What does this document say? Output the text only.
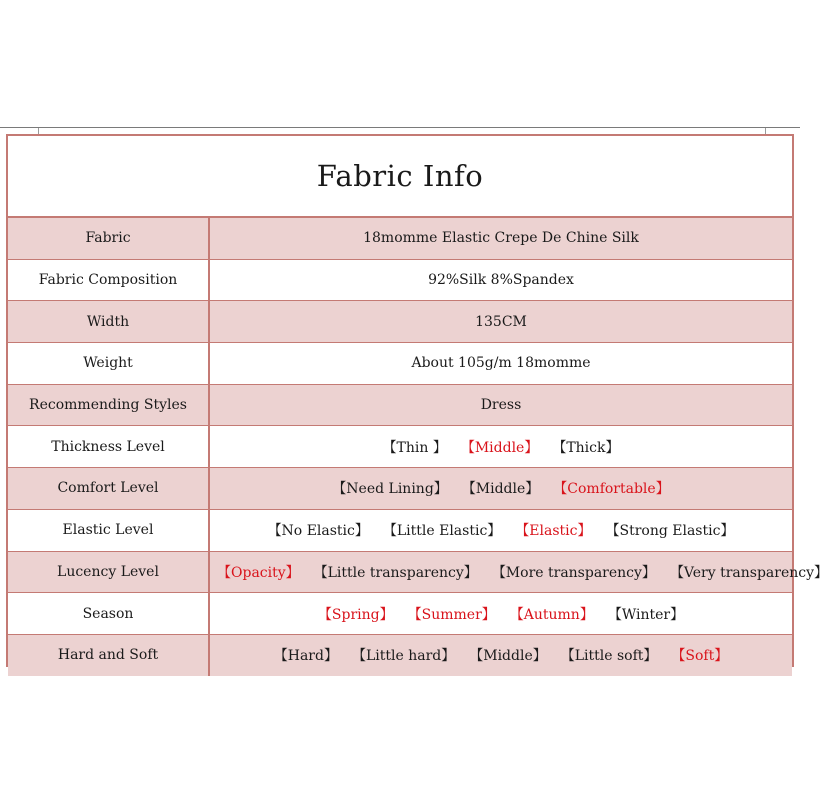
Fabric Info
Fabric	18momme Elastic Crepe De Chine Silk
Fabric Composition	92%Silk 8%Spandex
Width	135CM
Weight	About 105g/m 18momme
Recommending Styles	Dress
Thickness Level	【Thin 】 【Middle】 【Thick】
Comfort Level	【Need Lining】 【Middle】 【Comfortable】
Elastic Level	【No Elastic】 【Little Elastic】 【Elastic】 【Strong Elastic】
Lucency Level	【Opacity】 【Little transparency】 【More transparency】 【Very transparency】
Season	【Spring】 【Summer】 【Autumn】 【Winter】
Hard and Soft	【Hard】 【Little hard】 【Middle】 【Little soft】 【Soft】
